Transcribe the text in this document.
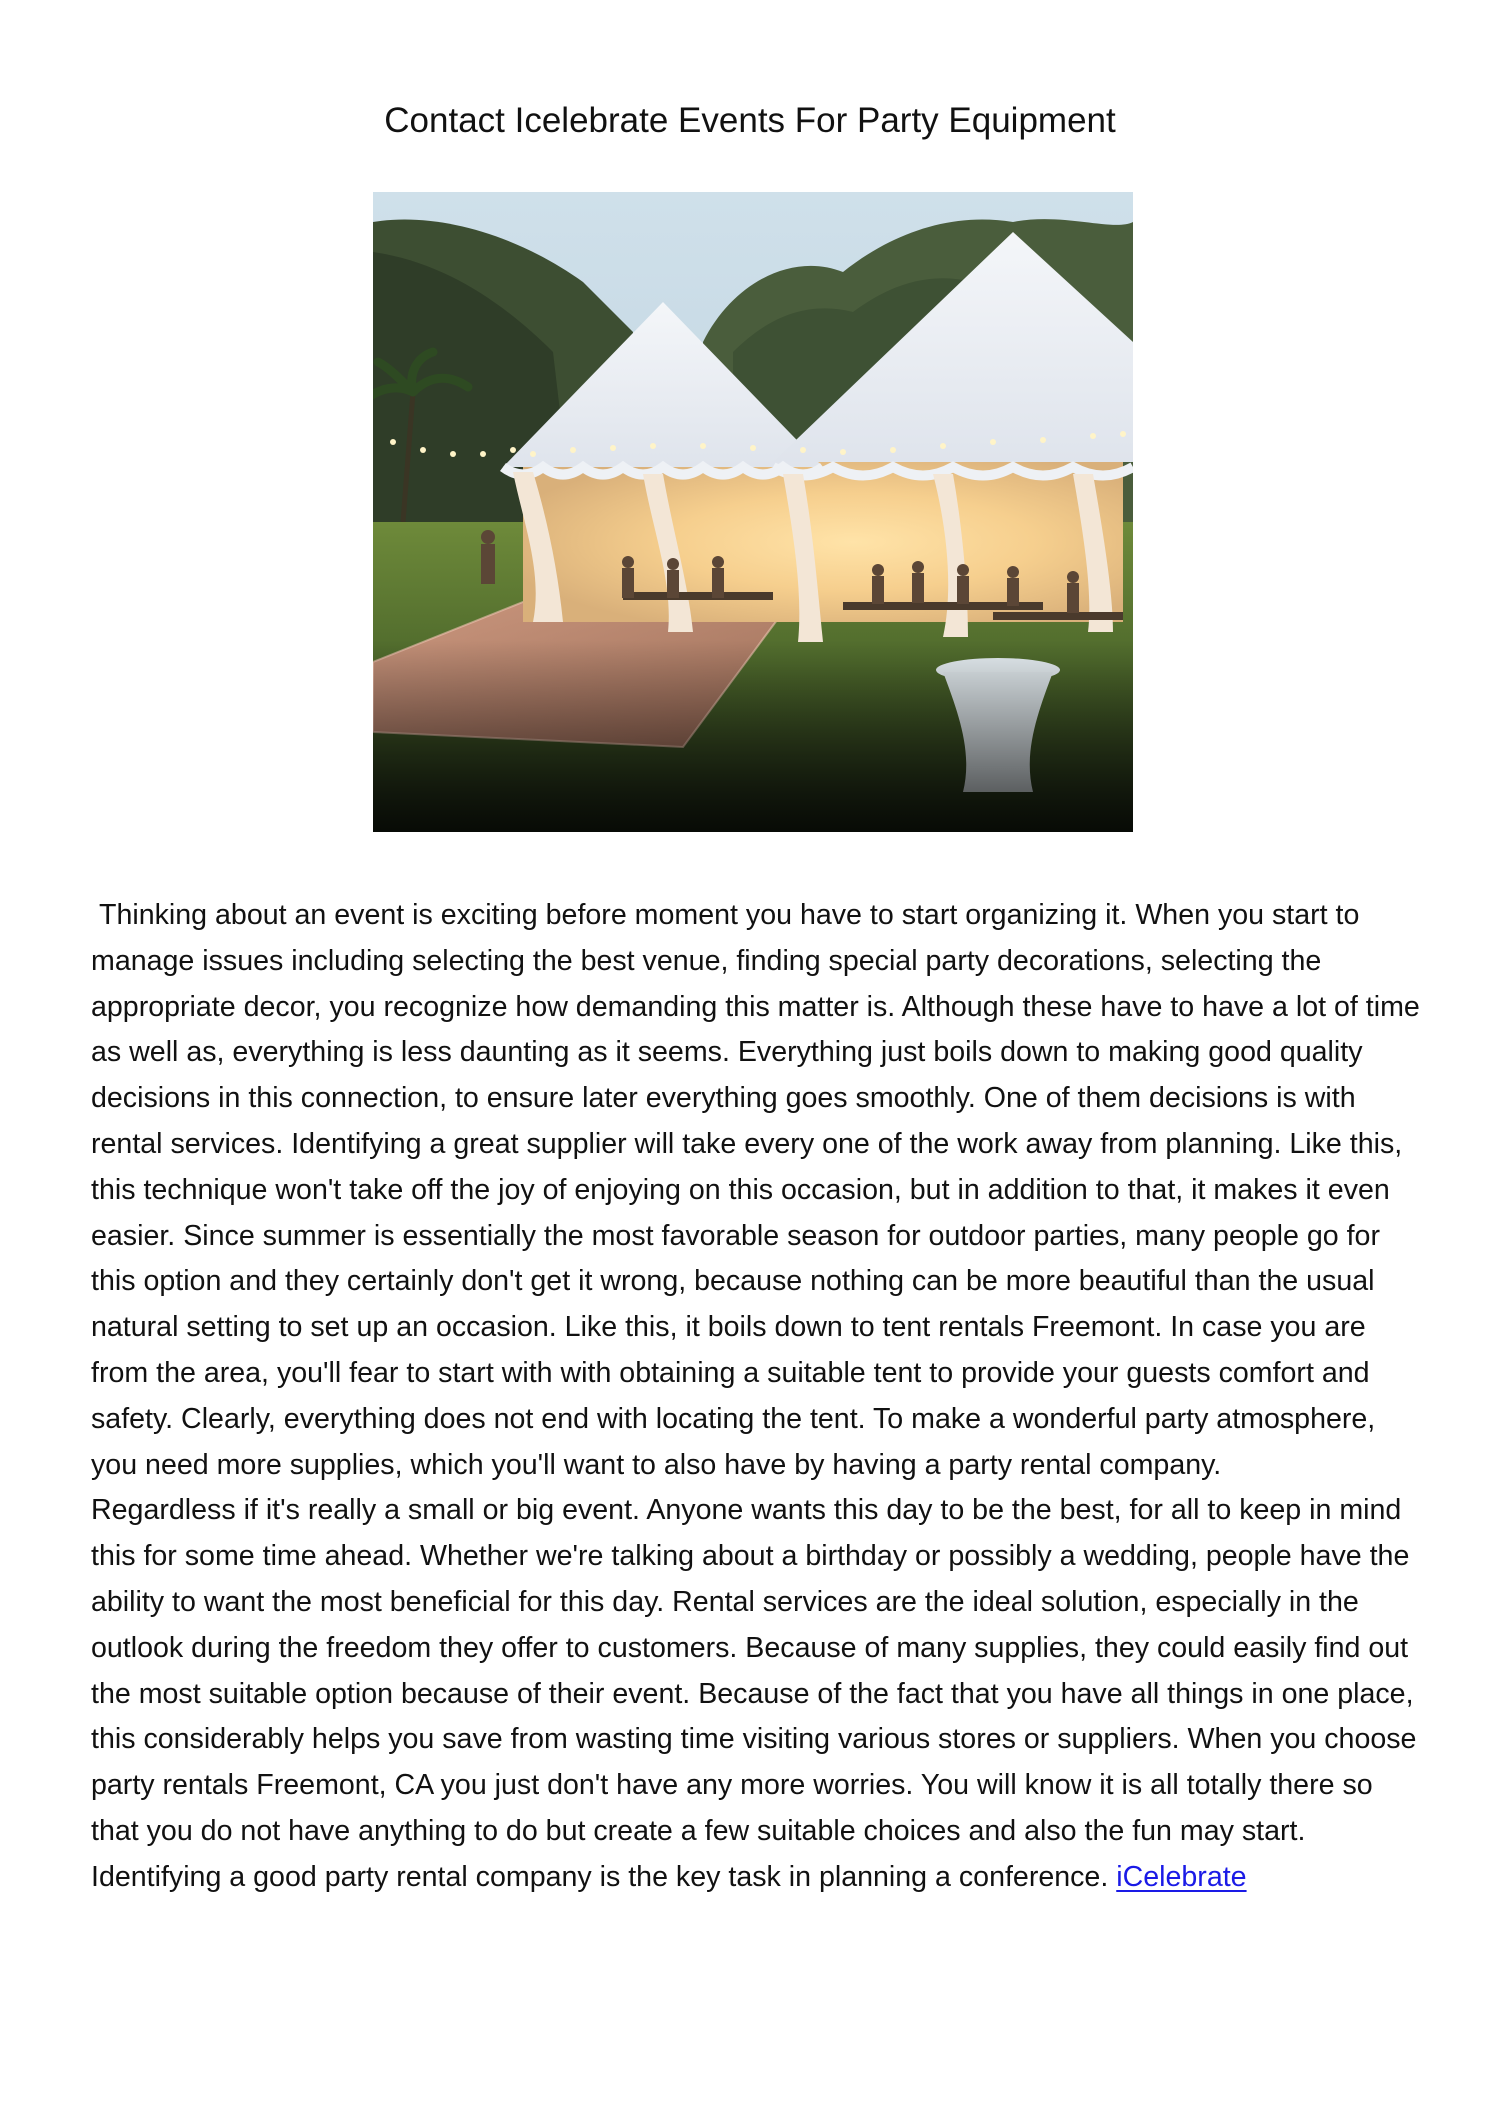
Contact Icelebrate Events For Party Equipment

Thinking about an event is exciting before moment you have to start organizing it. When you start to manage issues including selecting the best venue, finding special party decorations, selecting the appropriate decor, you recognize how demanding this matter is. Although these have to have a lot of time as well as, everything is less daunting as it seems. Everything just boils down to making good quality decisions in this connection, to ensure later everything goes smoothly. One of them decisions is with rental services. Identifying a great supplier will take every one of the work away from planning. Like this, this technique won't take off the joy of enjoying on this occasion, but in addition to that, it makes it even easier. Since summer is essentially the most favorable season for outdoor parties, many people go for this option and they certainly don't get it wrong, because nothing can be more beautiful than the usual natural setting to set up an occasion. Like this, it boils down to tent rentals Freemont. In case you are from the area, you'll fear to start with with obtaining a suitable tent to provide your guests comfort and safety. Clearly, everything does not end with locating the tent. To make a wonderful party atmosphere, you need more supplies, which you'll want to also have by having a party rental company.

Regardless if it's really a small or big event. Anyone wants this day to be the best, for all to keep in mind this for some time ahead. Whether we're talking about a birthday or possibly a wedding, people have the ability to want the most beneficial for this day. Rental services are the ideal solution, especially in the outlook during the freedom they offer to customers. Because of many supplies, they could easily find out the most suitable option because of their event. Because of the fact that you have all things in one place, this considerably helps you save from wasting time visiting various stores or suppliers. When you choose party rentals Freemont, CA you just don't have any more worries. You will know it is all totally there so that you do not have anything to do but create a few suitable choices and also the fun may start.

Identifying a good party rental company is the key task in planning a conference. iCelebrate
